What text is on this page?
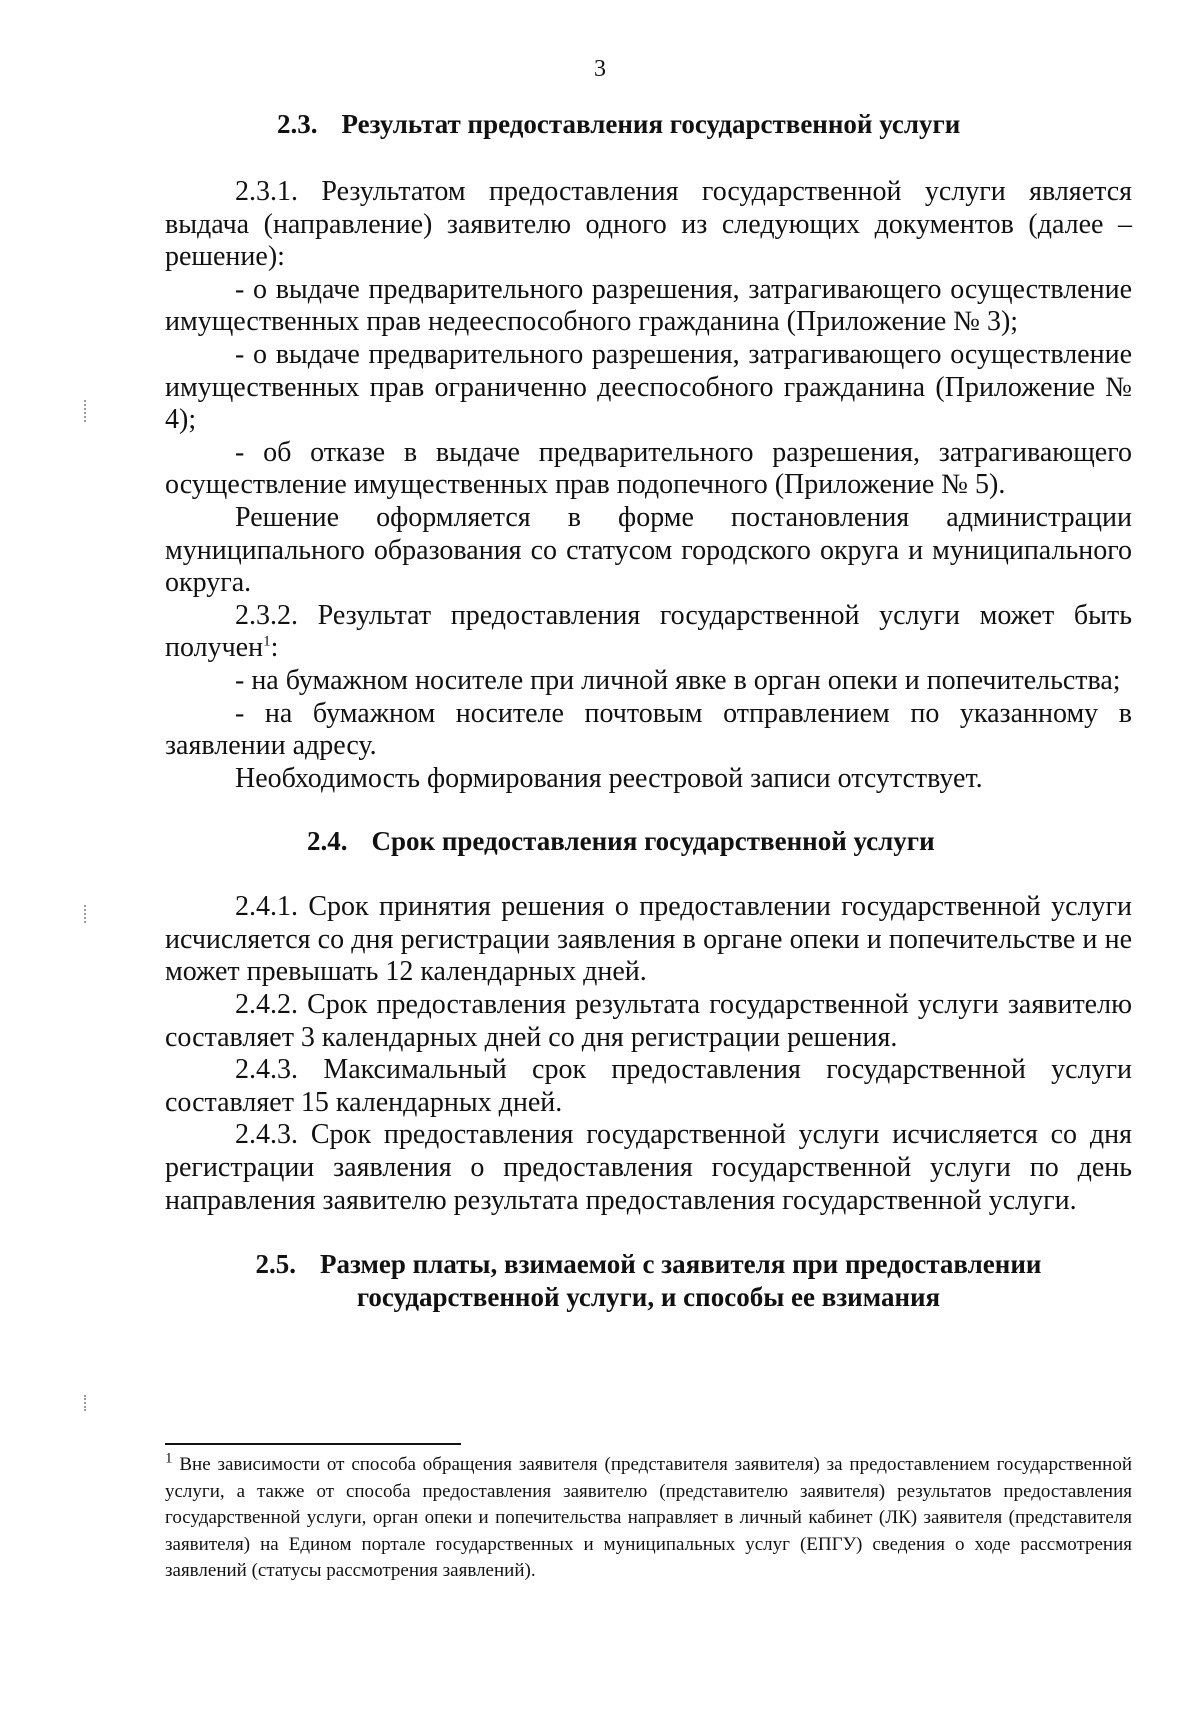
3
2.3. Результат предоставления государственной услуги

2.3.1. Результатом предоставления государственной услуги является выдача (направление) заявителю одного из следующих документов (далее – решение):

- о выдаче предварительного разрешения, затрагивающего осуществление имущественных прав недееспособного гражданина (Приложение № 3);

- о выдаче предварительного разрешения, затрагивающего осуществление имущественных прав ограниченно дееспособного гражданина (Приложение № 4);

- об отказе в выдаче предварительного разрешения, затрагивающего осуществление имущественных прав подопечного (Приложение № 5).

Решение оформляется в форме постановления администрации муниципального образования со статусом городского округа и муниципального округа.

2.3.2. Результат предоставления государственной услуги может быть получен$^1$:

- на бумажном носителе при личной явке в орган опеки и попечительства;

- на бумажном носителе почтовым отправлением по указанному в заявлении адресу.

Необходимость формирования реестровой записи отсутствует.

2.4. Срок предоставления государственной услуги

2.4.1. Срок принятия решения о предоставлении государственной услуги исчисляется со дня регистрации заявления в органе опеки и попечительстве и не может превышать 12 календарных дней.

2.4.2. Срок предоставления результата государственной услуги заявителю составляет 3 календарных дней со дня регистрации решения.

2.4.3. Максимальный срок предоставления государственной услуги составляет 15 календарных дней.

2.4.3. Срок предоставления государственной услуги исчисляется со дня регистрации заявления о предоставления государственной услуги по день направления заявителю результата предоставления государственной услуги.

2.5. Размер платы, взимаемой с заявителя при предоставлении
государственной услуги, и способы ее взимания
$^1$ Вне зависимости от способа обращения заявителя (представителя заявителя) за предоставлением государственной услуги, а также от способа предоставления заявителю (представителю заявителя) результатов предоставления государственной услуги, орган опеки и попечительства направляет в личный кабинет (ЛК) заявителя (представителя заявителя) на Едином портале государственных и муниципальных услуг (ЕПГУ) сведения о ходе рассмотрения заявлений (статусы рассмотрения заявлений).
